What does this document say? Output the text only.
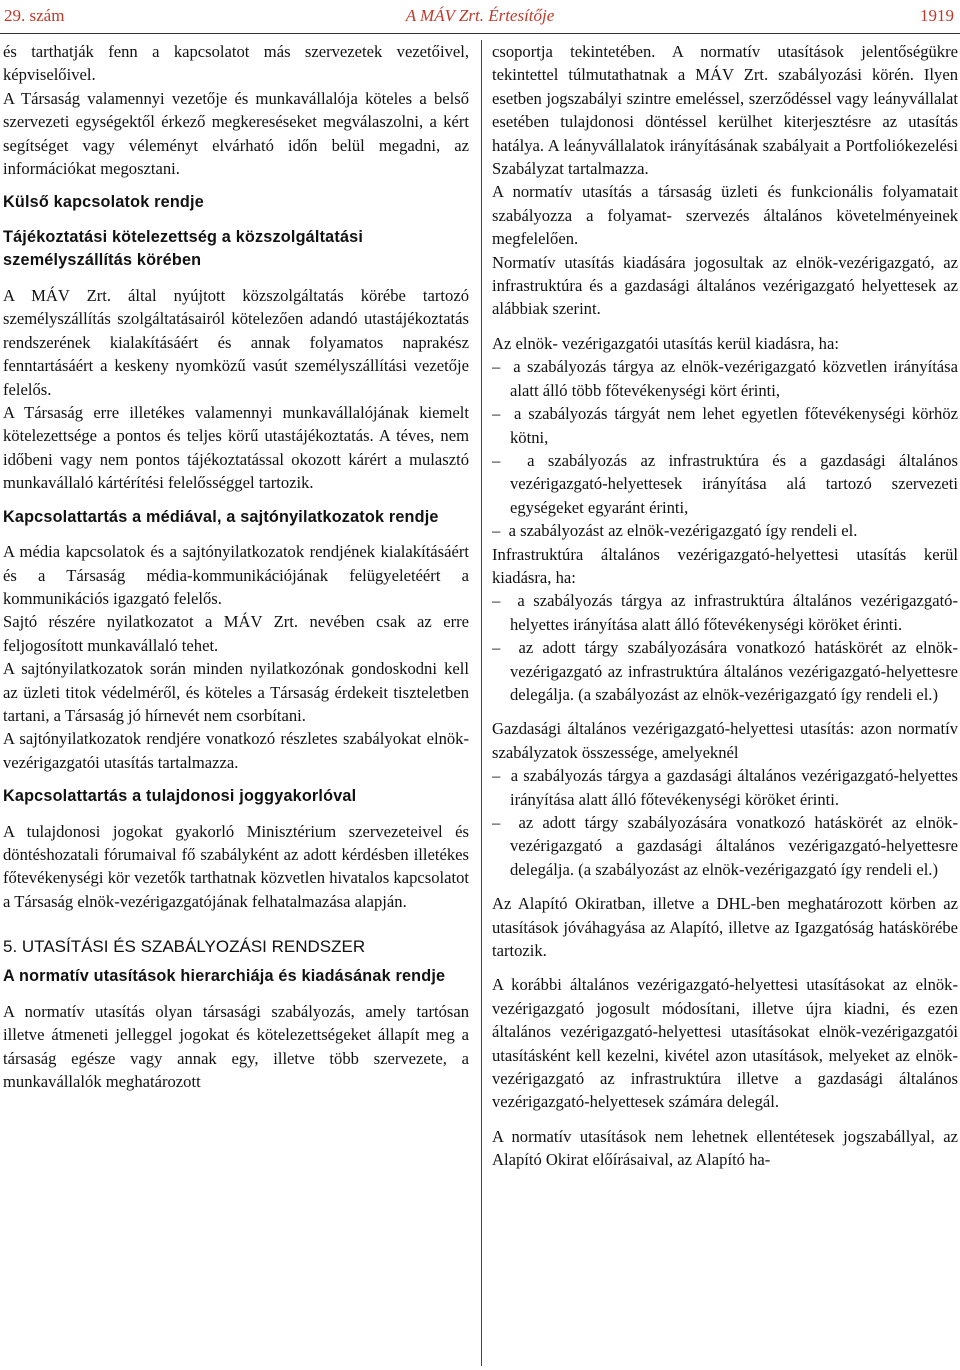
29. szám	A MÁV Zrt. Értesítője	1919

és tarthatják fenn a kapcsolatot más szervezetek vezetőivel, képviselőivel.

A Társaság valamennyi vezetője és munkavállalója köteles a belső szervezeti egységektől érkező megkereséseket megválaszolni, a kért segítséget vagy véleményt elvárható időn belül megadni, az információkat megosztani.

Külső kapcsolatok rendje
Tájékoztatási kötelezettség a közszolgáltatási személyszállítás körében

A MÁV Zrt. által nyújtott közszolgáltatás körébe tartozó személyszállítás szolgáltatásairól kötelezően adandó utastájékoztatás rendszerének kialakításáért és annak folyamatos naprakész fenntartásáért a keskeny nyomközű vasút személyszállítási vezetője felelős.

A Társaság erre illetékes valamennyi munkavállalójának kiemelt kötelezettsége a pontos és teljes körű utastájékoztatás. A téves, nem időbeni vagy nem pontos tájékoztatással okozott kárért a mulasztó munkavállaló kártérítési felelősséggel tartozik.

Kapcsolattartás a médiával, a sajtónyilatkozatok rendje

A média kapcsolatok és a sajtónyilatkozatok rendjének kialakításáért és a Társaság média-kommunikációjának felügyeletéért a kommunikációs igazgató felelős.

Sajtó részére nyilatkozatot a MÁV Zrt. nevében csak az erre feljogosított munkavállaló tehet.

A sajtónyilatkozatok során minden nyilatkozónak gondoskodni kell az üzleti titok védelméről, és köteles a Társaság érdekeit tiszteletben tartani, a Társaság jó hírnevét nem csorbítani.

A sajtónyilatkozatok rendjére vonatkozó részletes szabályokat elnök-vezérigazgatói utasítás tartalmazza.

Kapcsolattartás a tulajdonosi joggyakorlóval

A tulajdonosi jogokat gyakorló Minisztérium szervezeteivel és döntéshozatali fórumaival fő szabályként az adott kérdésben illetékes főtevékenységi kör vezetők tarthatnak közvetlen hivatalos kapcsolatot a Társaság elnök-vezérigazgatójának felhatalmazása alapján.

5. UTASÍTÁSI ÉS SZABÁLYOZÁSI RENDSZER
A normatív utasítások hierarchiája és kiadásának rendje

A normatív utasítás olyan társasági szabályozás, amely tartósan illetve átmeneti jelleggel jogokat és kötelezettségeket állapít meg a társaság egésze vagy annak egy, illetve több szervezete, a munkavállalók meghatározott

csoportja tekintetében. A normatív utasítások jelentőségükre tekintettel túlmutathatnak a MÁV Zrt. szabályozási körén. Ilyen esetben jogszabályi szintre emeléssel, szerződéssel vagy leányvállalat esetében tulajdonosi döntéssel kerülhet kiterjesztésre az utasítás hatálya. A leányvállalatok irányításának szabályait a Portfoliókezelési Szabályzat tartalmazza.

A normatív utasítás a társaság üzleti és funkcionális folyamatait szabályozza a folyamat- szervezés általános követelményeinek megfelelően.

Normatív utasítás kiadására jogosultak az elnök-vezérigazgató, az infrastruktúra és a gazdasági általános vezérigazgató helyettesek az alábbiak szerint.

Az elnök- vezérigazgatói utasítás kerül kiadásra, ha:

–  a szabályozás tárgya az elnök-vezérigazgató közvetlen irányítása alatt álló több főtevékenységi kört érinti,

–  a szabályozás tárgyát nem lehet egyetlen főtevékenységi körhöz kötni,

–  a szabályozás az infrastruktúra és a gazdasági általános vezérigazgató-helyettesek irányítása alá tartozó szervezeti egységeket egyaránt érinti,

–  a szabályozást az elnök-vezérigazgató így rendeli el.

Infrastruktúra általános vezérigazgató-helyettesi utasítás kerül kiadásra, ha:

–  a szabályozás tárgya az infrastruktúra általános vezérigazgató-helyettes irányítása alatt álló főtevékenységi köröket érinti.

–  az adott tárgy szabályozására vonatkozó hatáskörét az elnök-vezérigazgató az infrastruktúra általános vezérigazgató-helyettesre delegálja. (a szabályozást az elnök-vezérigazgató így rendeli el.)

Gazdasági általános vezérigazgató-helyettesi utasítás: azon normatív szabályzatok összessége, amelyeknél

–  a szabályozás tárgya a gazdasági általános vezérigazgató-helyettes irányítása alatt álló főtevékenységi köröket érinti.

–  az adott tárgy szabályozására vonatkozó hatáskörét az elnök-vezérigazgató a gazdasági általános vezérigazgató-helyettesre delegálja. (a szabályozást az elnök-vezérigazgató így rendeli el.)

Az Alapító Okiratban, illetve a DHL-ben meghatározott körben az utasítások jóváhagyása az Alapító, illetve az Igazgatóság hatáskörébe tartozik.

A korábbi általános vezérigazgató-helyettesi utasításokat az elnök-vezérigazgató jogosult módosítani, illetve újra kiadni, és ezen általános vezérigazgató-helyettesi utasításokat elnök-vezérigazgatói utasításként kell kezelni, kivétel azon utasítások, melyeket az elnök- vezérigazgató az infrastruktúra illetve a gazdasági általános vezérigazgató-helyettesek számára delegál.

A normatív utasítások nem lehetnek ellentétesek jogszabállyal, az Alapító Okirat előírásaival, az Alapító ha-
